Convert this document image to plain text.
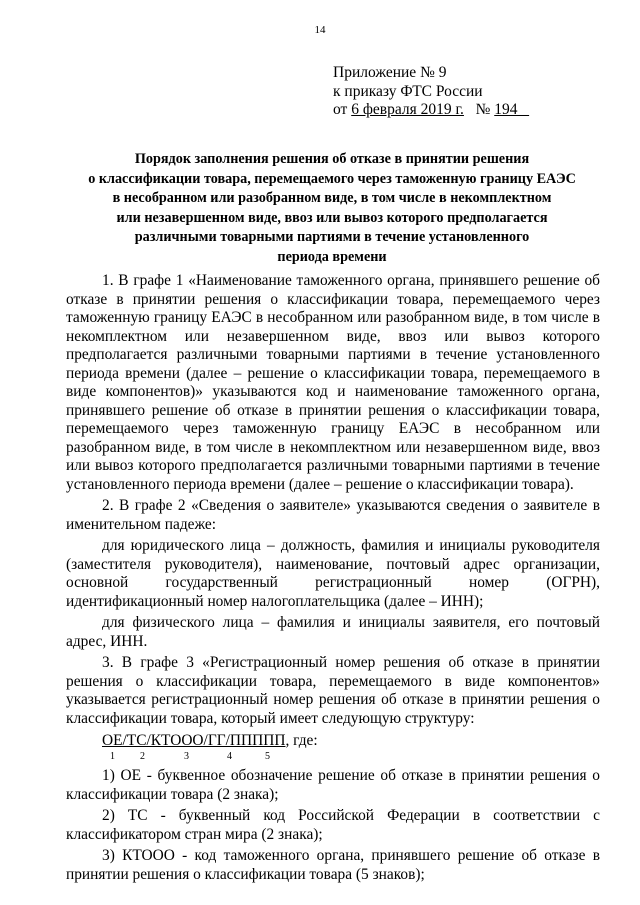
14
Приложение № 9
к приказу ФТС России
от 6 февраля 2019 г.   № 194
Порядок заполнения решения об отказе в принятии решения
о классификации товара, перемещаемого через таможенную границу ЕАЭС
в несобранном или разобранном виде, в том числе в некомплектном
или незавершенном виде, ввоз или вывоз которого предполагается
различными товарными партиями в течение установленного
периода времени

1. В графе 1 «Наименование таможенного органа, принявшего решение об отказе в принятии решения о классификации товара, перемещаемого через таможенную границу ЕАЭС в несобранном или разобранном виде, в том числе в некомплектном или незавершенном виде, ввоз или вывоз которого предполагается различными товарными партиями в течение установленного периода времени (далее – решение о классификации товара, перемещаемого в виде компонентов)» указываются код и наименование таможенного органа, принявшего решение об отказе в принятии решения о классификации товара, перемещаемого через таможенную границу ЕАЭС в несобранном или разобранном виде, в том числе в некомплектном или незавершенном виде, ввоз или вывоз которого предполагается различными товарными партиями в течение установленного периода времени (далее – решение о классификации товара).

2. В графе 2 «Сведения о заявителе» указываются сведения о заявителе в именительном падеже:

для юридического лица – должность, фамилия и инициалы руководителя (заместителя руководителя), наименование, почтовый адрес организации, основной государственный регистрационный номер (ОГРН), идентификационный номер налогоплательщика (далее – ИНН);

для физического лица – фамилия и инициалы заявителя, его почтовый адрес, ИНН.

3. В графе 3 «Регистрационный номер решения об отказе в принятии решения о классификации товара, перемещаемого в виде компонентов» указывается регистрационный номер решения об отказе в принятии решения о классификации товара, который имеет следующую структуру:

ОЕ/ТС/КТООО/ГГ/ППППП, где:
1	2	3	4	5

1) ОЕ - буквенное обозначение решение об отказе в принятии решения о классификации товара (2 знака);

2) ТС - буквенный код Российской Федерации в соответствии с классификатором стран мира (2 знака);

3) КТООО - код таможенного органа, принявшего решение об отказе в принятии решения о классификации товара (5 знаков);
